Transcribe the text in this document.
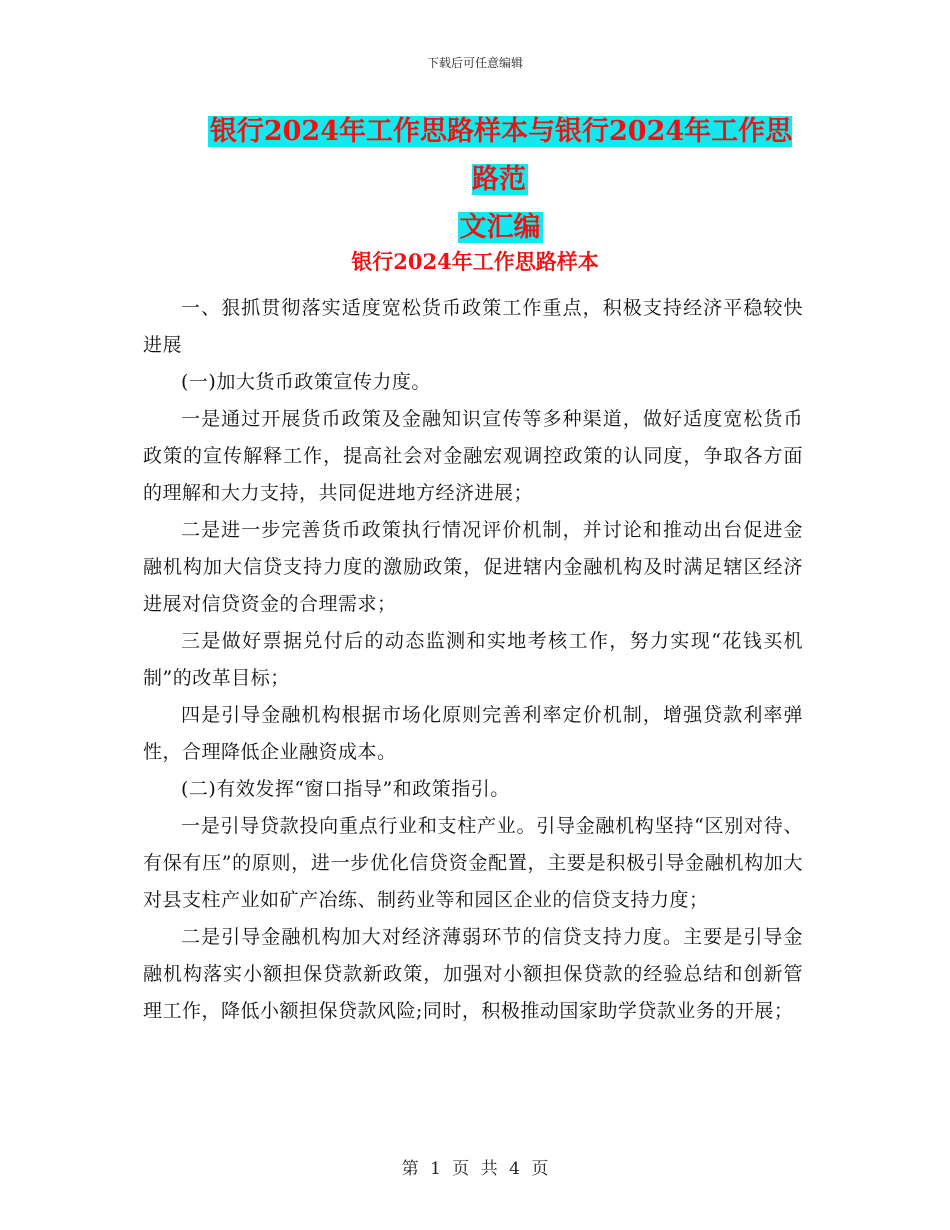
下载后可任意编辑
银行2024年工作思路样本与银行2024年工作思路范
文汇编
银行2024年工作思路样本

一、狠抓贯彻落实适度宽松货币政策工作重点，积极支持经济平稳较快进展

(一)加大货币政策宣传力度。

一是通过开展货币政策及金融知识宣传等多种渠道，做好适度宽松货币政策的宣传解释工作，提高社会对金融宏观调控政策的认同度，争取各方面的理解和大力支持，共同促进地方经济进展；

二是进一步完善货币政策执行情况评价机制，并讨论和推动出台促进金融机构加大信贷支持力度的激励政策，促进辖内金融机构及时满足辖区经济进展对信贷资金的合理需求；

三是做好票据兑付后的动态监测和实地考核工作，努力实现“花钱买机制”的改革目标；

四是引导金融机构根据市场化原则完善利率定价机制，增强贷款利率弹性，合理降低企业融资成本。

(二)有效发挥“窗口指导”和政策指引。

一是引导贷款投向重点行业和支柱产业。引导金融机构坚持“区别对待、有保有压”的原则，进一步优化信贷资金配置，主要是积极引导金融机构加大对县支柱产业如矿产冶练、制药业等和园区企业的信贷支持力度；

二是引导金融机构加大对经济薄弱环节的信贷支持力度。主要是引导金融机构落实小额担保贷款新政策，加强对小额担保贷款的经验总结和创新管理工作，降低小额担保贷款风险;同时，积极推动国家助学贷款业务的开展；

第 1 页 共 4 页
